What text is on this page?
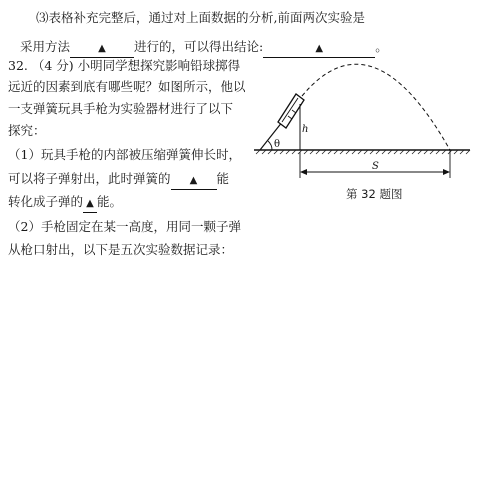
⑶表格补充完整后，通过对上面数据的分析,前面两次实验是
采用方法	▲ 进行的，可以得出结论:	▲	。
32. （4 分) 小明同学想探究影响铅球掷得
远近的因素到底有哪些呢？如图所示，他以
一支弹簧玩具手枪为实验器材进行了以下
探究：
（1）玩具手枪的内部被压缩弹簧伸长时，
可以将子弹射出，此时弹簧的 ▲ 能
转化成子弹的 ▲ 能。
（2）手枪固定在某一高度，用同一颗子弹
从枪口射出，以下是五次实验数据记录：
θ
h
S
第 32 题图
